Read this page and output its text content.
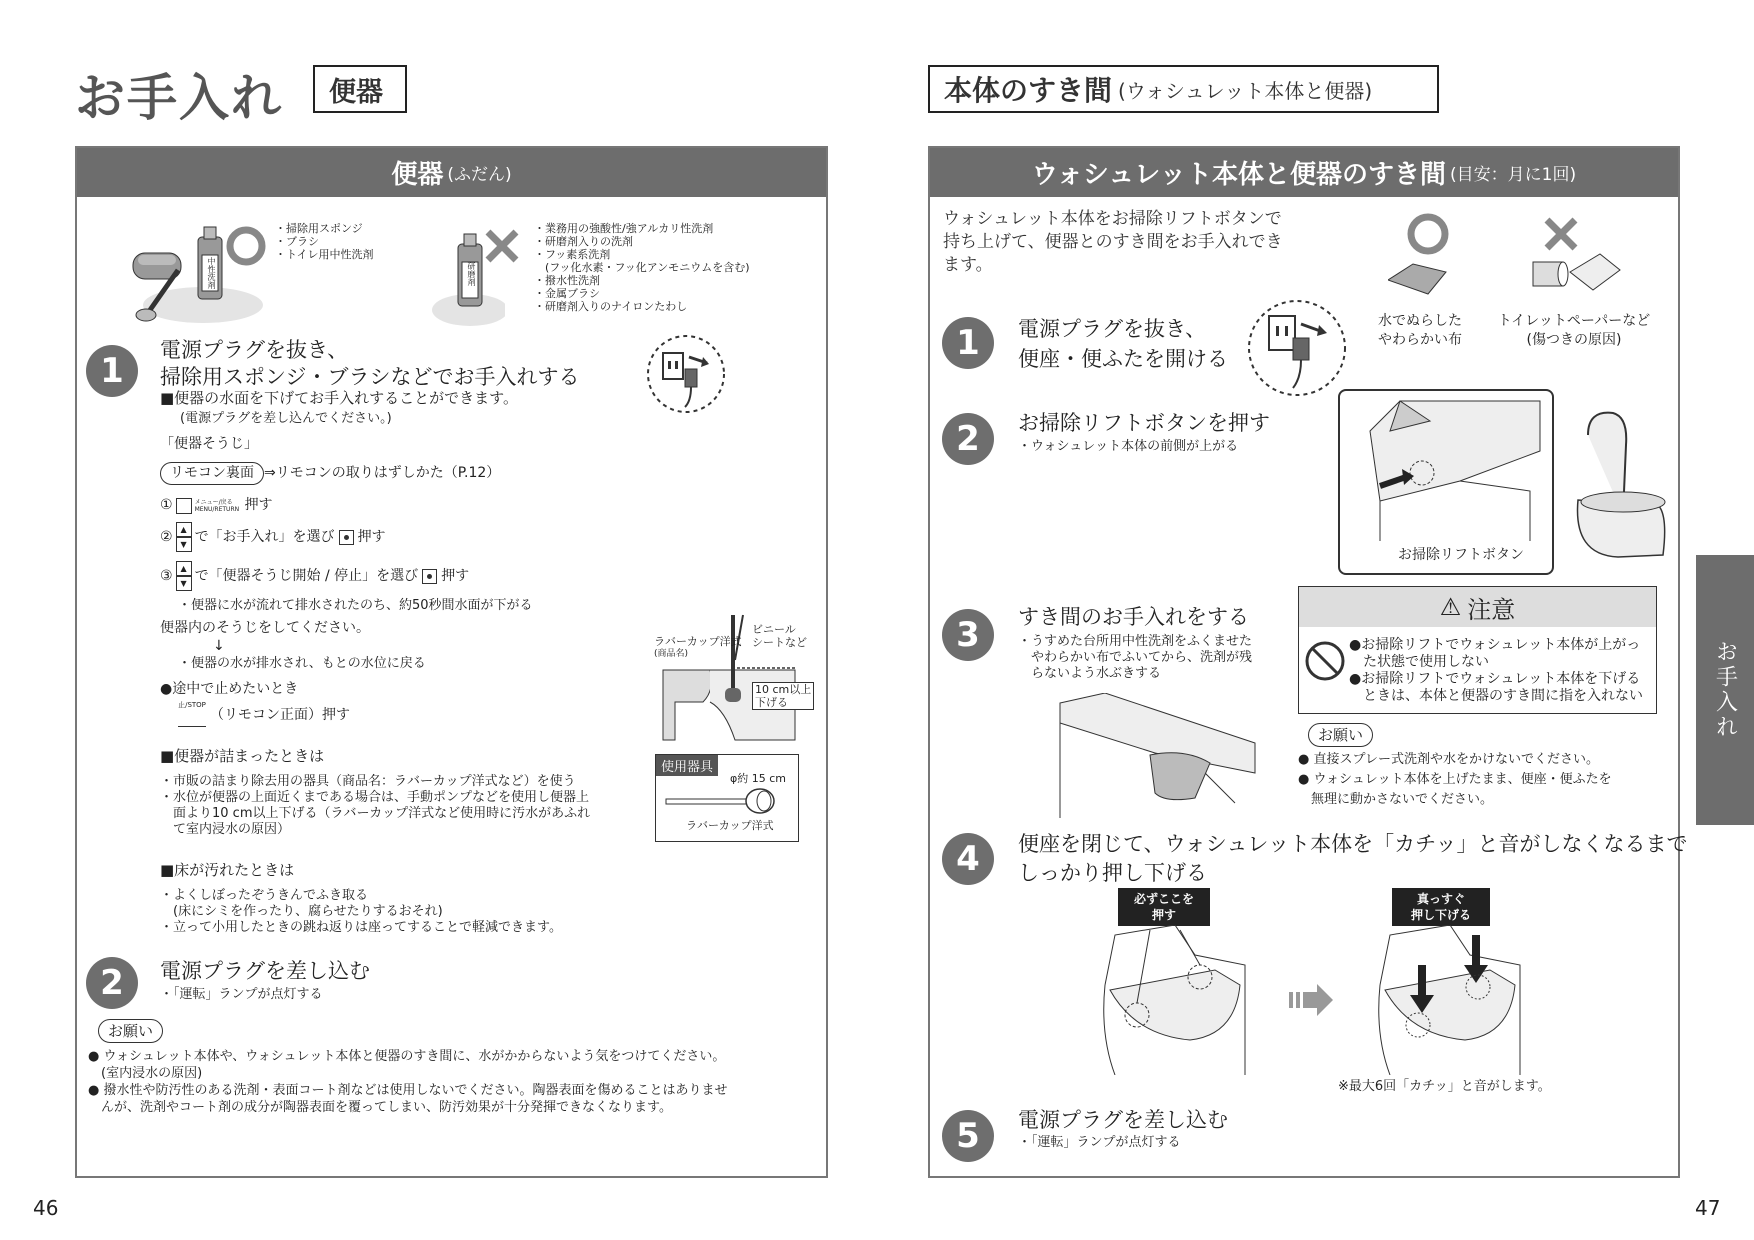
お手入れ 便器
便器 (ふだん)
中性洗剤
・掃除用スポンジ
・ブラシ
・トイレ用中性洗剤
研磨剤
・業務用の強酸性/強アルカリ性洗剤
・研磨剤入りの洗剤
・フッ素系洗剤
　(フッ化水素・フッ化アンモニウムを含む)
・撥水性洗剤
・金属ブラシ
・研磨剤入りのナイロンたわし
1
電源プラグを抜き、
掃除用スポンジ・ブラシなどでお手入れする
■便器の水面を下げてお手入れすることができます。
(電源プラグを差し込んでください。)
「便器そうじ」
リモコン裏面 ⇒リモコンの取りはずしかた（P.12）
①	メニュー/戻る MENU/RETURN 押す
② ▲
▼ で「お手入れ」を選び 押す
③ ▲
▼ で「便器そうじ開始 / 停止」を選び 押す
・便器に水が流れて排水されたのち、約50秒間水面が下がる
便器内のそうじをしてください。
↓
・便器の水が排水され、もとの水位に戻る
●途中で止めたいとき
止/STOP
（リモコン正面）押す
ラバーカップ洋式
(商品名)
ビニール
シートなど
10 cm以上
下げる
使用器具
φ約 15 cm
ラバーカップ洋式
■便器が詰まったときは
・市販の詰まり除去用の器具（商品名：ラバーカップ洋式など）を使う
・水位が便器の上面近くまである場合は、手動ポンプなどを使用し便器上
　面より10 cm以上下げる（ラバーカップ洋式など使用時に汚水があふれ
　て室内浸水の原因）
■床が汚れたときは
・よくしぼったぞうきんでふき取る
　(床にシミを作ったり、腐らせたりするおそれ)
・立って小用したときの跳ね返りは座ってすることで軽減できます。
2	電源プラグを差し込む
・「運転」ランプが点灯する
お願い
● ウォシュレット本体や、ウォシュレット本体と便器のすき間に、水がかからないよう気をつけてください。
　(室内浸水の原因)
● 撥水性や防汚性のある洗剤・表面コート剤などは使用しないでください。陶器表面を傷めることはありませ
　んが、洗剤やコート剤の成分が陶器表面を覆ってしまい、防汚効果が十分発揮できなくなります。
46
本体のすき間 (ウォシュレット本体と便器)
ウォシュレット本体と便器のすき間 (目安：月に1回)
ウォシュレット本体をお掃除リフトボタンで
持ち上げて、便器とのすき間をお手入れでき
ます。
水でぬらした
やわらかい布
トイレットペーパーなど
(傷つきの原因)
1	電源プラグを抜き、
便座・便ふたを開ける
2	お掃除リフトボタンを押す
・ウォシュレット本体の前側が上がる
お掃除リフトボタン
3	すき間のお手入れをする
・うすめた台所用中性洗剤をふくませた
　やわらかい布でふいてから、洗剤が残
　らないよう水ぶきする
⚠ 注意
●お掃除リフトでウォシュレット本体が上がっ
　た状態で使用しない
●お掃除リフトでウォシュレット本体を下げる
　ときは、本体と便器のすき間に指を入れない
お願い
● 直接スプレー式洗剤や水をかけないでください。
● ウォシュレット本体を上げたまま、便座・便ふたを
　無理に動かさないでください。
4	便座を閉じて、ウォシュレット本体を「カチッ」と音がしなくなるまで
しっかり押し下げる
必ずここを
押す
真っすぐ
押し下げる
※最大6回「カチッ」と音がします。
5	電源プラグを差し込む
・「運転」ランプが点灯する
お手入れ
47
